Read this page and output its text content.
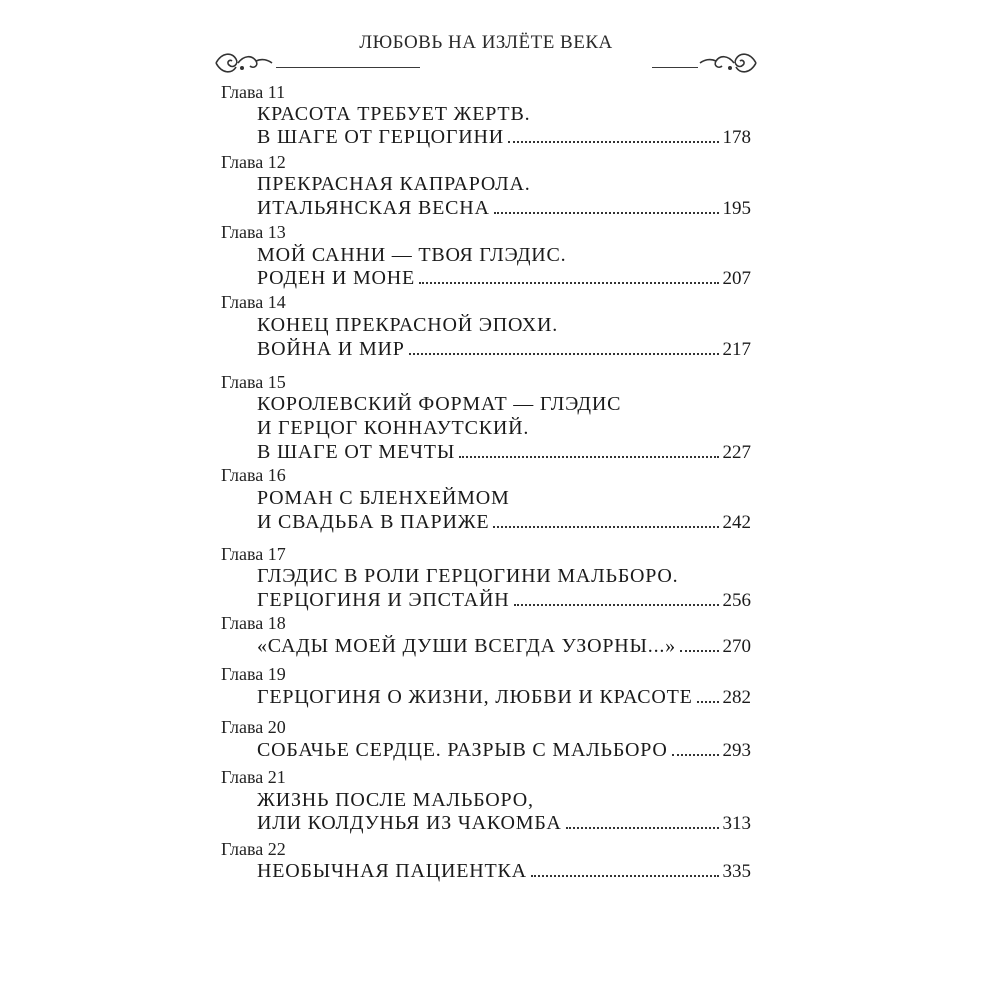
ЛЮБОВЬ НА ИЗЛЁТЕ ВЕКА
Глава 11
КРАСОТА ТРЕБУЕТ ЖЕРТВ.
В ШАГЕ ОТ ГЕРЦОГИНИ	178
Глава 12
ПРЕКРАСНАЯ КАПРАРОЛА.
ИТАЛЬЯНСКАЯ ВЕСНА	195
Глава 13
МОЙ САННИ — ТВОЯ ГЛЭДИС.
РОДЕН И МОНЕ	207
Глава 14
КОНЕЦ ПРЕКРАСНОЙ ЭПОХИ.
ВОЙНА И МИР	217
Глава 15
КОРОЛЕВСКИЙ ФОРМАТ — ГЛЭДИС
И ГЕРЦОГ КОННАУТСКИЙ.
В ШАГЕ ОТ МЕЧТЫ	227
Глава 16
РОМАН С БЛЕНХЕЙМОМ
И СВАДЬБА В ПАРИЖЕ	242
Глава 17
ГЛЭДИС В РОЛИ ГЕРЦОГИНИ МАЛЬБОРО.
ГЕРЦОГИНЯ И ЭПСТАЙН	256
Глава 18
«САДЫ МОЕЙ ДУШИ ВСЕГДА УЗОРНЫ...» 270
Глава 19
ГЕРЦОГИНЯ О ЖИЗНИ, ЛЮБВИ И КРАСОТЕ 282
Глава 20
СОБАЧЬЕ СЕРДЦЕ. РАЗРЫВ С МАЛЬБОРО	293
Глава 21
ЖИЗНЬ ПОСЛЕ МАЛЬБОРО,
ИЛИ КОЛДУНЬЯ ИЗ ЧАКОМБА	313
Глава 22
НЕОБЫЧНАЯ ПАЦИЕНТКА	335
